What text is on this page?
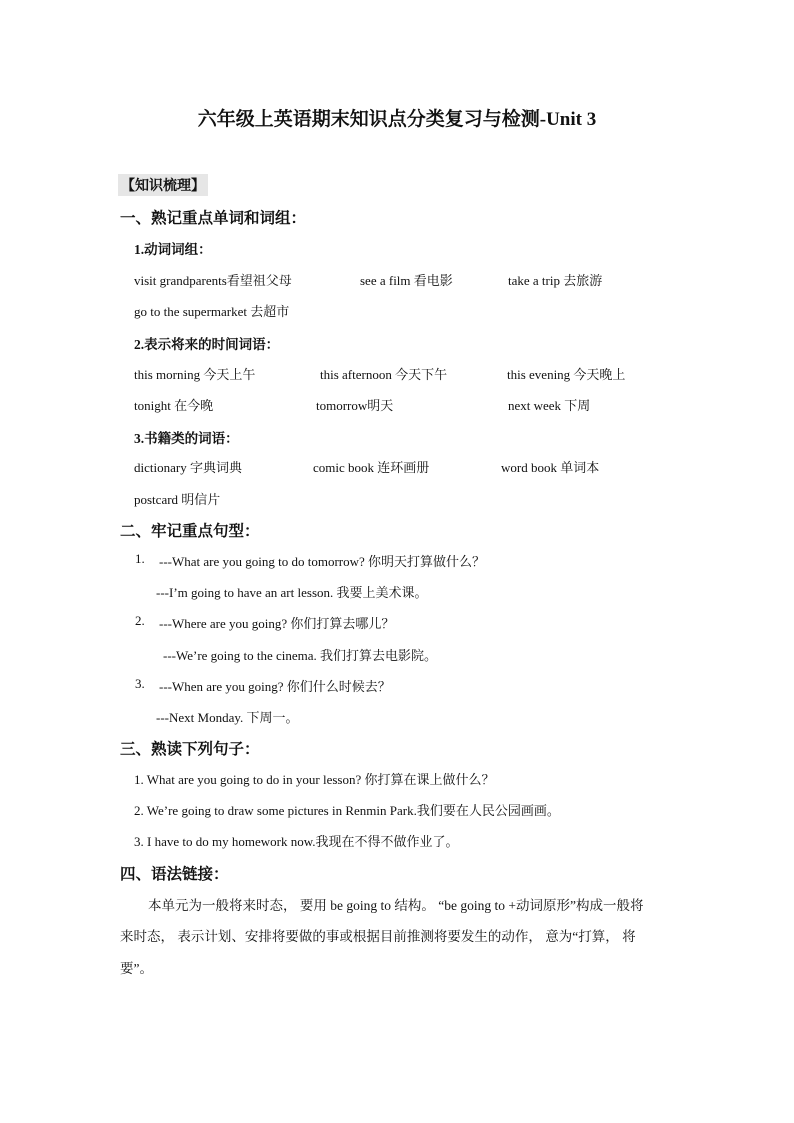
六年级上英语期末知识点分类复习与检测-Unit 3
【知识梳理】
一、熟记重点单词和词组：
1.动词词组：
visit grandparents看望祖父母	see a film 看电影	take a trip 去旅游
go to the supermarket 去超市
2.表示将来的时间词语：
this morning 今天上午	this afternoon 今天下午	this evening 今天晚上
tonight 在今晚	tomorrow明天	next week 下周
3.书籍类的词语：
dictionary 字典词典	comic book 连环画册	word book 单词本
postcard 明信片
二、牢记重点句型：
1. ---What are you going to do tomorrow? 你明天打算做什么？
---I’m going to have an art lesson. 我要上美术课。
2. ---Where are you going? 你们打算去哪儿？
---We’re going to the cinema. 我们打算去电影院。
3. ---When are you going? 你们什么时候去？
---Next Monday. 下周一。
三、熟读下列句子：
1. What are you going to do in your lesson? 你打算在课上做什么？
2. We’re going to draw some pictures in Renmin Park.我们要在人民公园画画。
3. I have to do my homework now.我现在不得不做作业了。
四、语法链接：
本单元为一般将来时态， 要用 be going to 结构。 “be going to +动词原形”构成一般将
来时态， 表示计划、安排将要做的事或根据目前推测将要发生的动作， 意为“打算， 将
要”。
